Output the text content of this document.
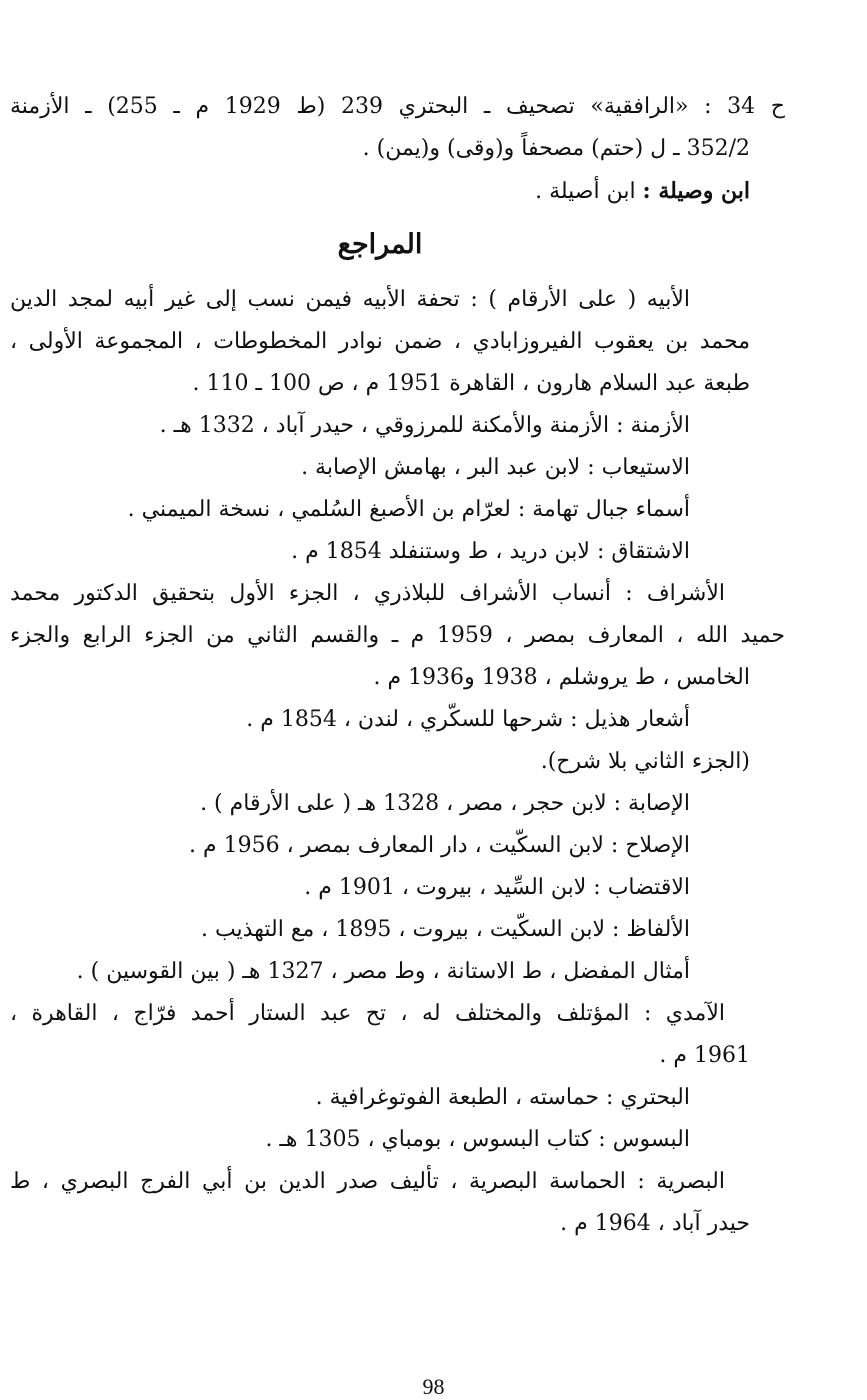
ح 34 : «الرافقية» تصحيف ـ البحتري 239 (ط 1929 م ـ 255) ـ الأزمنة
352/2 ـ ل (حتم) مصحفاً و(وقى) و(يمن) .
ابن وصيلة : ابن أصيلة .
المراجع
الأبيه ( على الأرقام ) : تحفة الأبيه فيمن نسب إلى غير أبيه لمجد الدين
محمد بن يعقوب الفيروزابادي ، ضمن نوادر المخطوطات ، المجموعة الأولى ،
طبعة عبد السلام هارون ، القاهرة 1951 م ، ص 100 ـ 110 .
الأزمنة : الأزمنة والأمكنة للمرزوقي ، حيدر آباد ، 1332 هـ .
الاستيعاب : لابن عبد البر ، بهامش الإصابة .
أسماء جبال تهامة : لعرّام بن الأصبغ السُلمي ، نسخة الميمني .
الاشتقاق : لابن دريد ، ط وستنفلد 1854 م .
الأشراف : أنساب الأشراف للبلاذري ، الجزء الأول بتحقيق الدكتور محمد
حميد الله ، المعارف بمصر ، 1959 م ـ والقسم الثاني من الجزء الرابع والجزء
الخامس ، ط يروشلم ، 1938 و1936 م .
أشعار هذيل : شرحها للسكّري ، لندن ، 1854 م .
(الجزء الثاني بلا شرح).
الإصابة : لابن حجر ، مصر ، 1328 هـ ( على الأرقام ) .
الإصلاح : لابن السكّيت ، دار المعارف بمصر ، 1956 م .
الاقتضاب : لابن السِّيد ، بيروت ، 1901 م .
الألفاظ : لابن السكّيت ، بيروت ، 1895 ، مع التهذيب .
أمثال المفضل ، ط الاستانة ، وط مصر ، 1327 هـ ( بين القوسين ) .
الآمدي : المؤتلف والمختلف له ، تح عبد الستار أحمد فرّاج ، القاهرة ،
1961 م .
البحتري : حماسته ، الطبعة الفوتوغرافية .
البسوس : كتاب البسوس ، بومباي ، 1305 هـ .
البصرية : الحماسة البصرية ، تأليف صدر الدين بن أبي الفرج البصري ، ط
حيدر آباد ، 1964 م .
98
